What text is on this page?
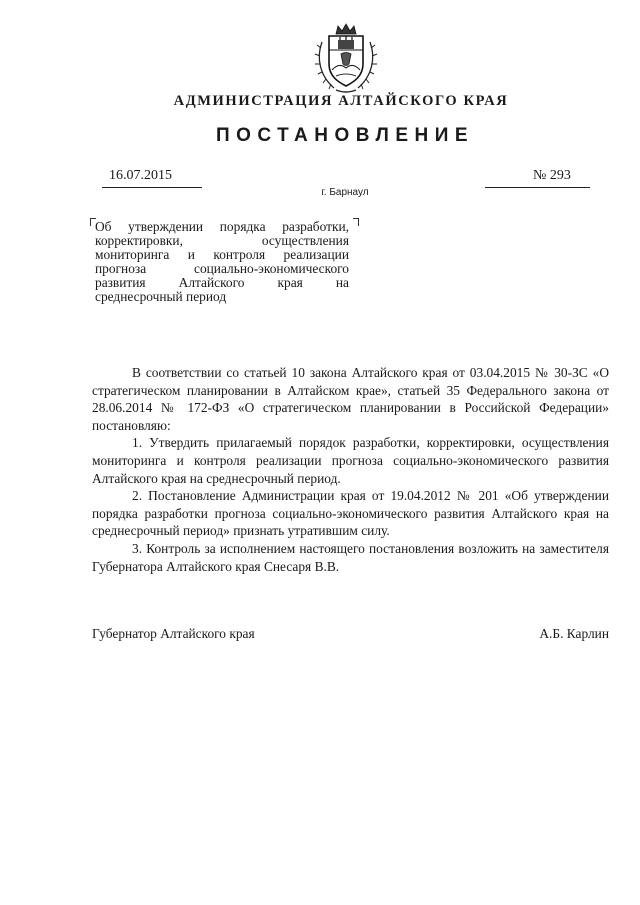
АДМИНИСТРАЦИЯ АЛТАЙСКОГО КРАЯ
ПОСТАНОВЛЕНИЕ
16.07.2015	№ 293
г. Барнаул
Об утверждении порядка разработки, корректировки, осуществления мониторинга и контроля реализации прогноза социально-экономического развития Алтайского края на среднесрочный период

В соответствии со статьей 10 закона Алтайского края от 03.04.2015 № 30-ЗС «О стратегическом планировании в Алтайском крае», статьей 35 Федерального закона от 28.06.2014 № 172-ФЗ «О стратегическом планировании в Российской Федерации» постановляю:

1. Утвердить прилагаемый порядок разработки, корректировки, осуществления мониторинга и контроля реализации прогноза социально-экономического развития Алтайского края на среднесрочный период.

2. Постановление Администрации края от 19.04.2012 № 201 «Об утверждении порядка разработки прогноза социально-экономического развития Алтайского края на среднесрочный период» признать утратившим силу.

3. Контроль за исполнением настоящего постановления возложить на заместителя Губернатора Алтайского края Снесаря В.В.

Губернатор Алтайского края	А.Б. Карлин
